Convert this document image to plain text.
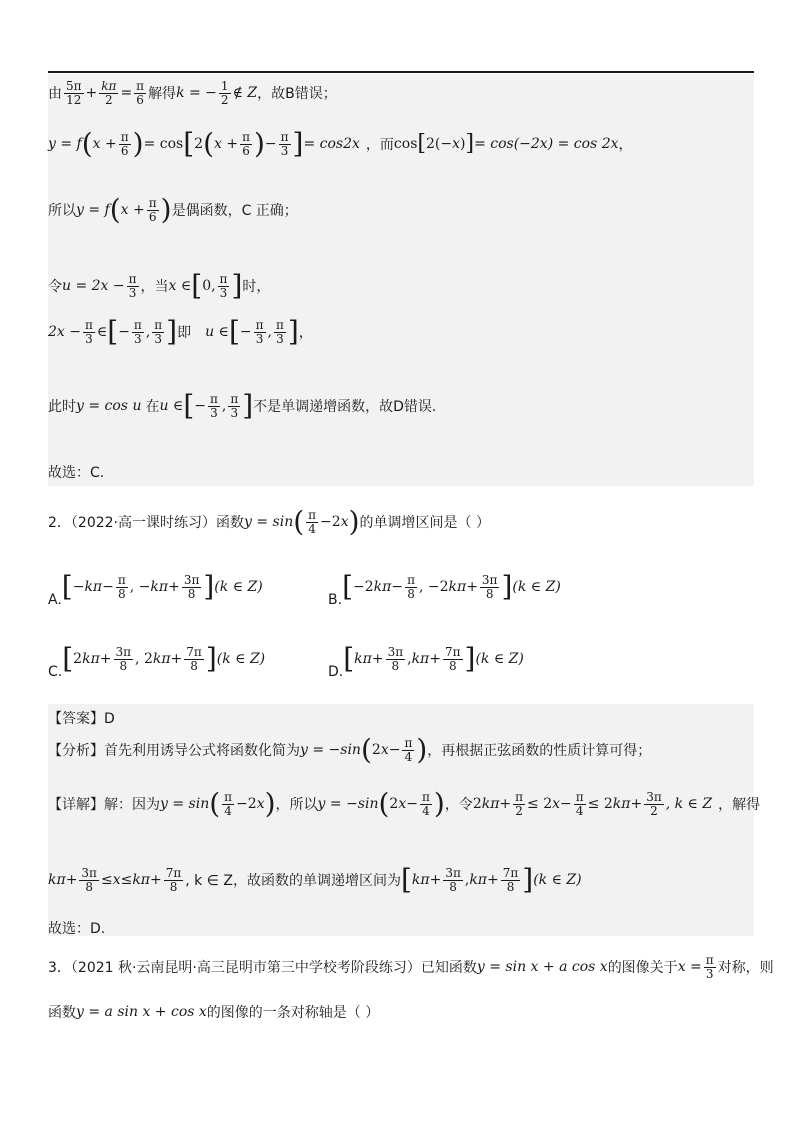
由 $\frac{5\pi}{12} + \frac{k\pi}{2} = \frac{\pi}{6}$ 解得 k = − $\frac{1}{2}$ ∉ Z ，故B错误；
y = f ( $x + \frac{\pi}{6}$ ) = cos [ 2 ( $x + \frac{\pi}{6}$ ) − $\frac{\pi}{3}$ ] = cos2x ，而 cos [ 2(− x ) ] = cos(−2x) = cos 2x ，
所以 y = f ( $x + \frac{\pi}{6}$ ) 是偶函数，C 正确；
令 $u = 2x - \frac{\pi}{3}$ ，当 x ∈ [ 0, $\frac{\pi}{3}$ ] 时，
$2x - \frac{\pi}{3}$ ∈ [ − $\frac{\pi}{3}$ , $\frac{\pi}{3}$ ] 即 u ∈ [ − $\frac{\pi}{3}$ , $\frac{\pi}{3}$ ] ，
此时 y = cos u 在 u ∈ [ − $\frac{\pi}{3}$ , $\frac{\pi}{3}$ ] 不是单调递增函数，故D错误.
故选：C.
2．（2022·高一课时练习）函数 y = sin ( $\frac{\pi}{4} -2$ x ) 的单调增区间是（ ）
A. [ − $k\pi - \frac{\pi}{8}$ , − $k\pi + \frac{3\pi}{8}$ ] (k ∈ Z)
B. [ −2 $k\pi - \frac{\pi}{8}$ , −2 $k\pi + \frac{3\pi}{8}$ ] (k ∈ Z)
C. [ 2 $k\pi + \frac{3\pi}{8}$ , 2 $k\pi + \frac{7\pi}{8}$ ] (k ∈ Z)
D. [ $k\pi + \frac{3\pi}{8}$ , $k\pi + \frac{7\pi}{8}$ ] (k ∈ Z)
【答案】D
【分析】首先利用诱导公式将函数化简为 y = −sin ( 2 $x - \frac{\pi}{4}$ ) ，再根据正弦函数的性质计算可得；
【详解】解：因为 y = sin ( $\frac{\pi}{4} -2$ x ) ，所以 y = −sin ( 2 $x - \frac{\pi}{4}$ ) ，令 2 $k\pi + \frac{\pi}{2} \le 2$ $x - \frac{\pi}{4} \le 2$ $k\pi + \frac{3\pi}{2}$ , k ∈ Z ，解得
$k\pi + \frac{3\pi}{8} \le x \le k\pi + \frac{7\pi}{8}$ , k ∈ Z，故函数的单调递增区间为 [ $k\pi + \frac{3\pi}{8}$ , $k\pi + \frac{7\pi}{8}$ ] (k ∈ Z)
故选：D.
3．（2021 秋·云南昆明·高三昆明市第三中学校考阶段练习）已知函数 y = sin x + a cos x 的图像关于 $x = \frac{\pi}{3}$ 对称，则
函数 y = a sin x + cos x 的图像的一条对称轴是（ ）
